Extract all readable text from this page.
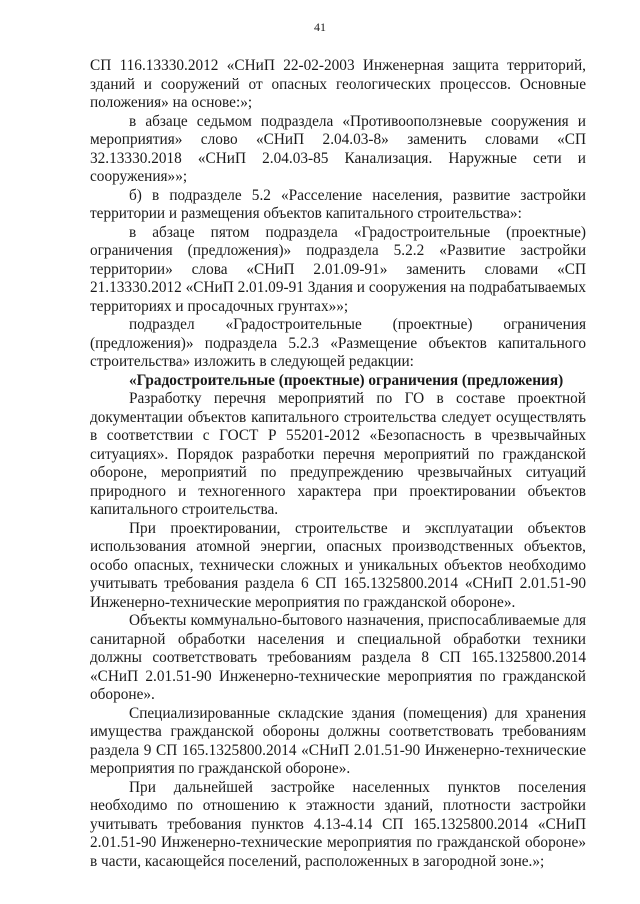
41

СП 116.13330.2012 «СНиП 22-02-2003 Инженерная защита территорий, зданий и сооружений от опасных геологических процессов. Основные положения» на основе:»;

в абзаце седьмом подраздела «Противооползневые сооружения и мероприятия» слово «СНиП 2.04.03-8» заменить словами «СП 32.13330.2018 «СНиП 2.04.03-85 Канализация. Наружные сети и сооружения»»;

б) в подразделе 5.2 «Расселение населения, развитие застройки территории и размещения объектов капитального строительства»:

в абзаце пятом подраздела «Градостроительные (проектные) ограничения (предложения)» подраздела 5.2.2 «Развитие застройки территории» слова «СНиП 2.01.09-91» заменить словами «СП 21.13330.2012 «СНиП 2.01.09-91 Здания и сооружения на подрабатываемых территориях и просадочных грунтах»»;

подраздел «Градостроительные (проектные) ограничения (предложения)» подраздела 5.2.3 «Размещение объектов капитального строительства» изложить в следующей редакции:

«Градостроительные (проектные) ограничения (предложения)

Разработку перечня мероприятий по ГО в составе проектной документации объектов капитального строительства следует осуществлять в соответствии с ГОСТ Р 55201-2012 «Безопасность в чрезвычайных ситуациях». Порядок разработки перечня мероприятий по гражданской обороне, мероприятий по предупреждению чрезвычайных ситуаций природного и техногенного характера при проектировании объектов капитального строительства.

При проектировании, строительстве и эксплуатации объектов использования атомной энергии, опасных производственных объектов, особо опасных, технически сложных и уникальных объектов необходимо учитывать требования раздела 6 СП 165.1325800.2014 «СНиП 2.01.51-90 Инженерно-технические мероприятия по гражданской обороне».

Объекты коммунально-бытового назначения, приспосабливаемые для санитарной обработки населения и специальной обработки техники должны соответствовать требованиям раздела 8 СП 165.1325800.2014 «СНиП 2.01.51-90 Инженерно-технические мероприятия по гражданской обороне».

Специализированные складские здания (помещения) для хранения имущества гражданской обороны должны соответствовать требованиям раздела 9 СП 165.1325800.2014 «СНиП 2.01.51-90 Инженерно-технические мероприятия по гражданской обороне».

При дальнейшей застройке населенных пунктов поселения необходимо по отношению к этажности зданий, плотности застройки учитывать требования пунктов 4.13-4.14 СП 165.1325800.2014 «СНиП 2.01.51-90 Инженерно-технические мероприятия по гражданской обороне» в части, касающейся поселений, расположенных в загородной зоне.»;
